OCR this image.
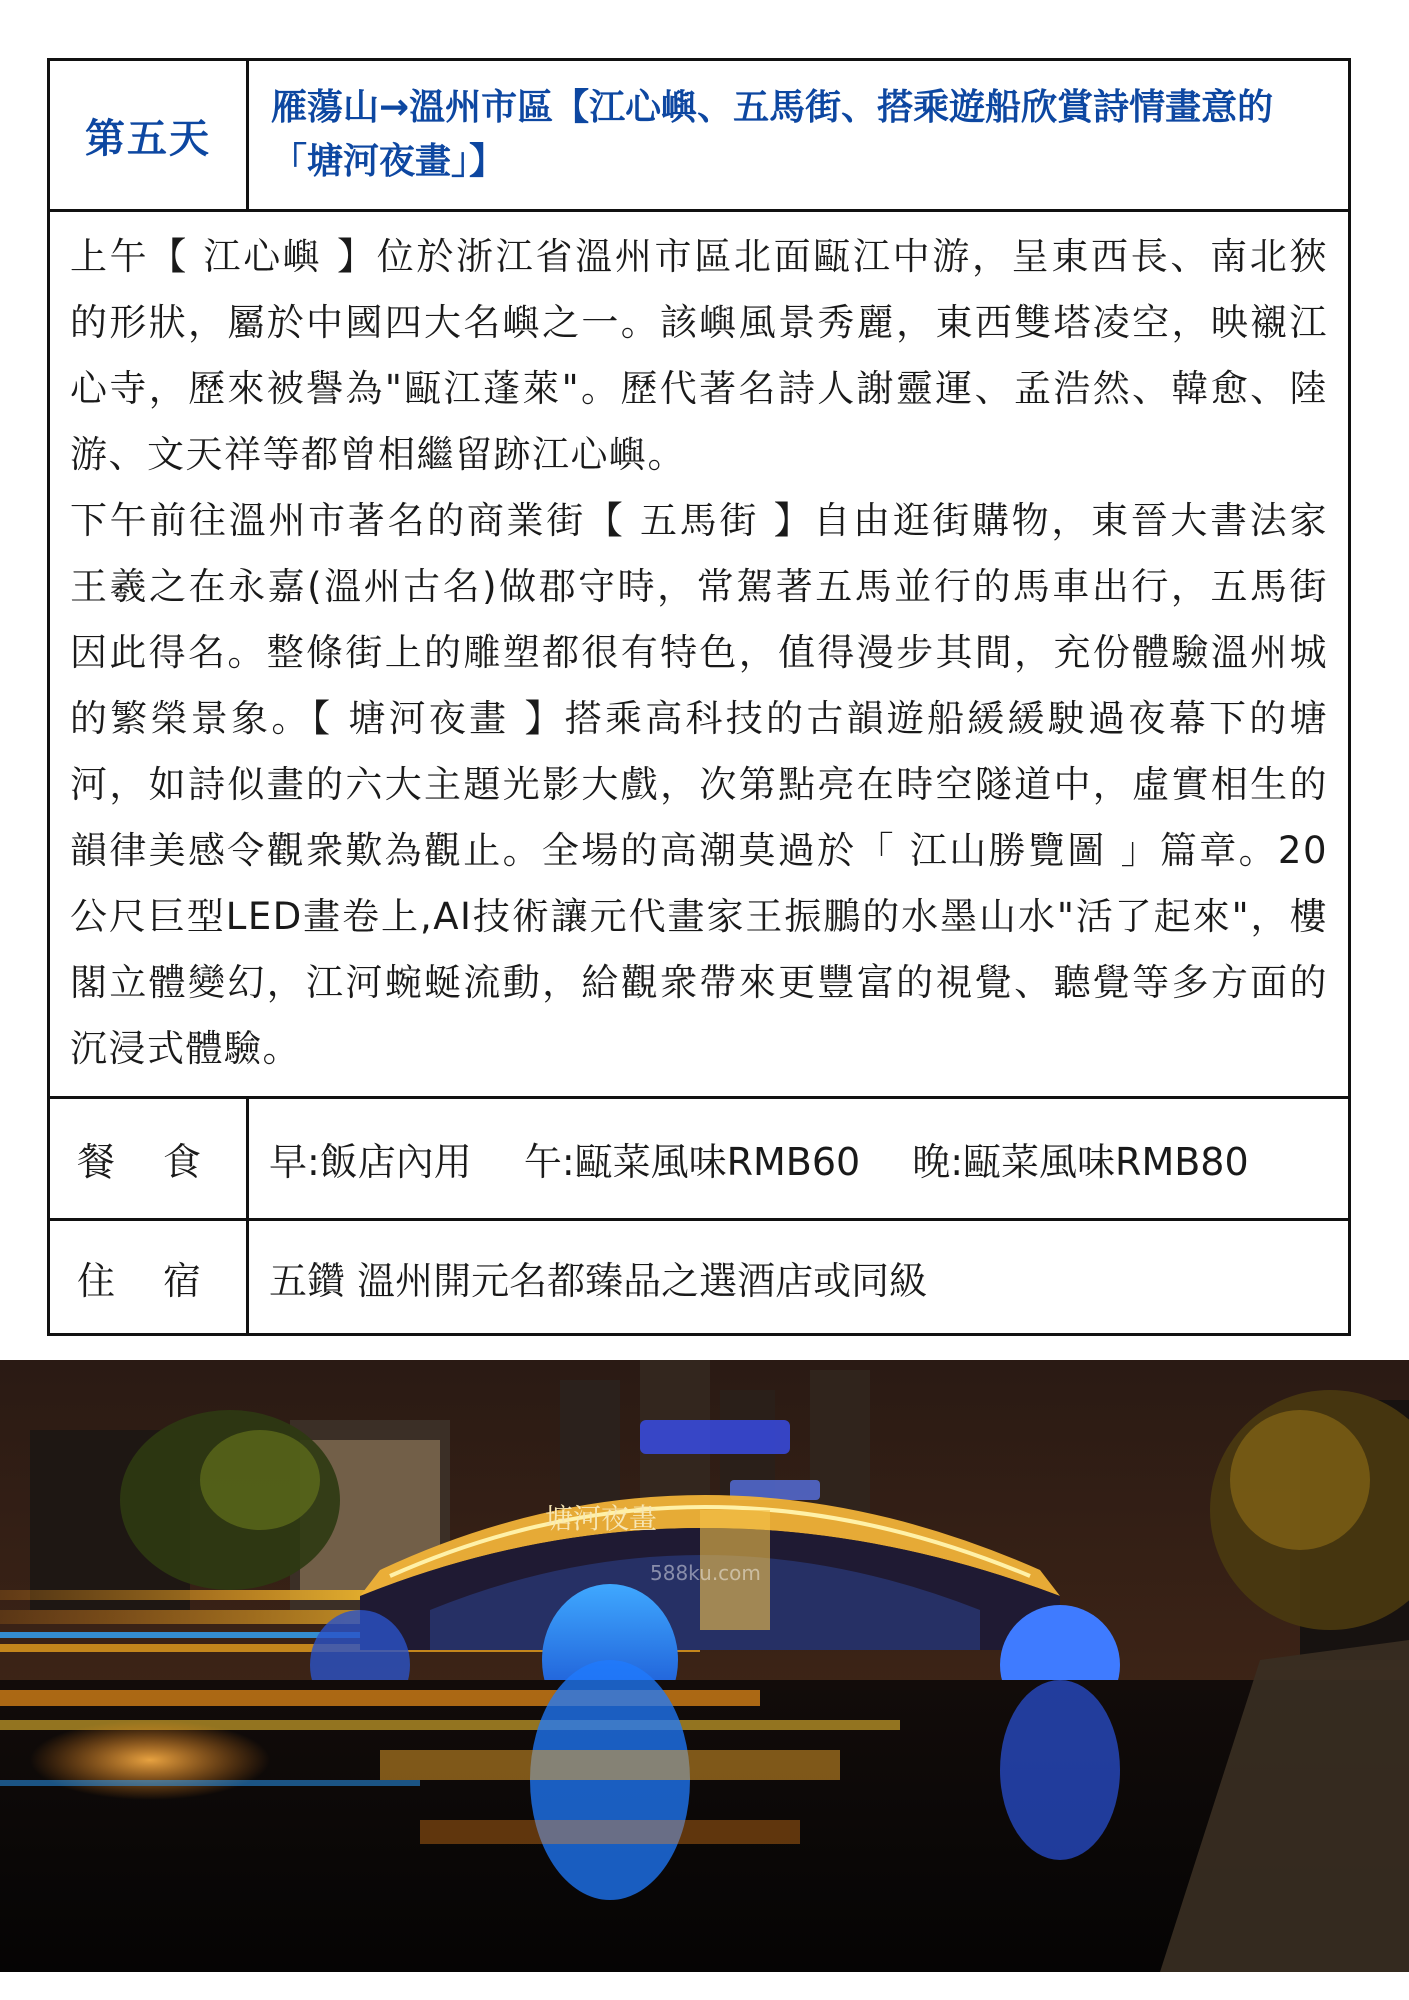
第五天
雁蕩山→溫州市區【江心嶼、五馬街、搭乘遊船欣賞詩情畫意的「塘河夜畫」】

上午【 江心嶼 】位於浙江省溫州市區北面甌江中游，呈東西長、南北狹的形狀，屬於中國四大名嶼之一。該嶼風景秀麗，東西雙塔凌空，映襯江心寺，歷來被譽為"甌江蓬萊"。歷代著名詩人謝靈運、孟浩然、韓愈、陸游、文天祥等都曾相繼留跡江心嶼。

下午前往溫州市著名的商業街【 五馬街 】自由逛街購物，東晉大書法家王羲之在永嘉(溫州古名)做郡守時，常駕著五馬並行的馬車出行，五馬街因此得名。整條街上的雕塑都很有特色，值得漫步其間，充份體驗溫州城的繁榮景象。【 塘河夜畫 】搭乘高科技的古韻遊船緩緩駛過夜幕下的塘河，如詩似畫的六大主題光影大戲，次第點亮在時空隧道中，虛實相生的韻律美感令觀衆歎為觀止。全場的高潮莫過於「 江山勝覽圖 」篇章。20公尺巨型LED畫卷上,AI技術讓元代畫家王振鵬的水墨山水"活了起來"，樓閣立體變幻，江河蜿蜒流動，給觀衆帶來更豐富的視覺、聽覺等多方面的沉浸式體驗。

餐 食	早:飯店內用 午:甌菜風味RMB60 晚:甌菜風味RMB80
住 宿	五鑽 溫州開元名都臻品之選酒店或同級
塘河夜畫
588ku.com
